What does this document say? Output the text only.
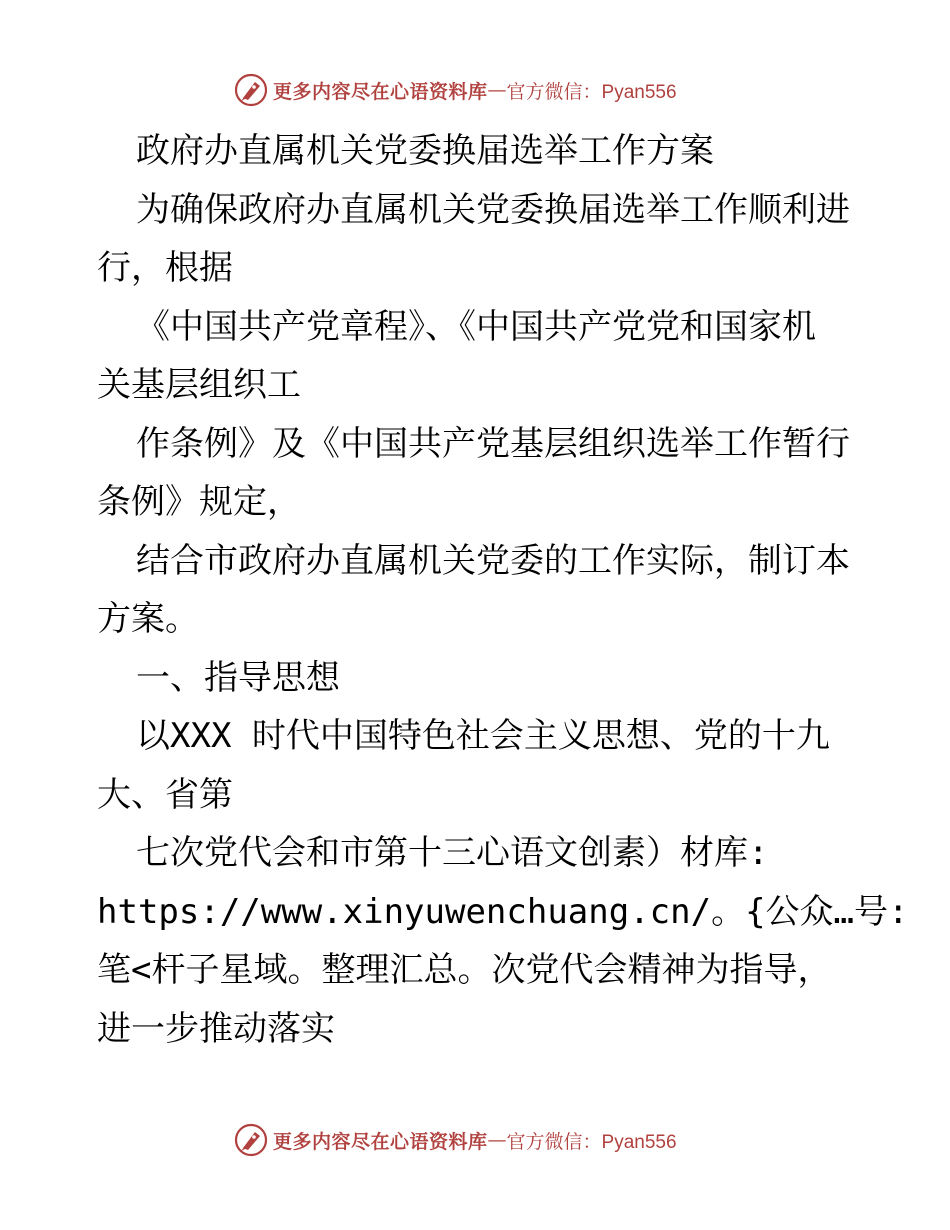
更多内容尽在心语资料库 — 官方微信：Pyan556
政府办直属机关党委换届选举工作方案
为确保政府办直属机关党委换届选举工作顺利进
行，根据
《中国共产党章程》、《中国共产党党和国家机
关基层组织工
作条例》及《中国共产党基层组织选举工作暂行
条例》规定，
结合市政府办直属机关党委的工作实际，制订本
方案。
一、指导思想
以XXX 时代中国特色社会主义思想、党的十九
大、省第
七次党代会和市第十三心语文创素）材库:
https://www.xinyuwenchuang.cn/。{公众…号:
笔<杆子星域。整理汇总。次党代会精神为指导，
进一步推动落实
更多内容尽在心语资料库 — 官方微信：Pyan556
